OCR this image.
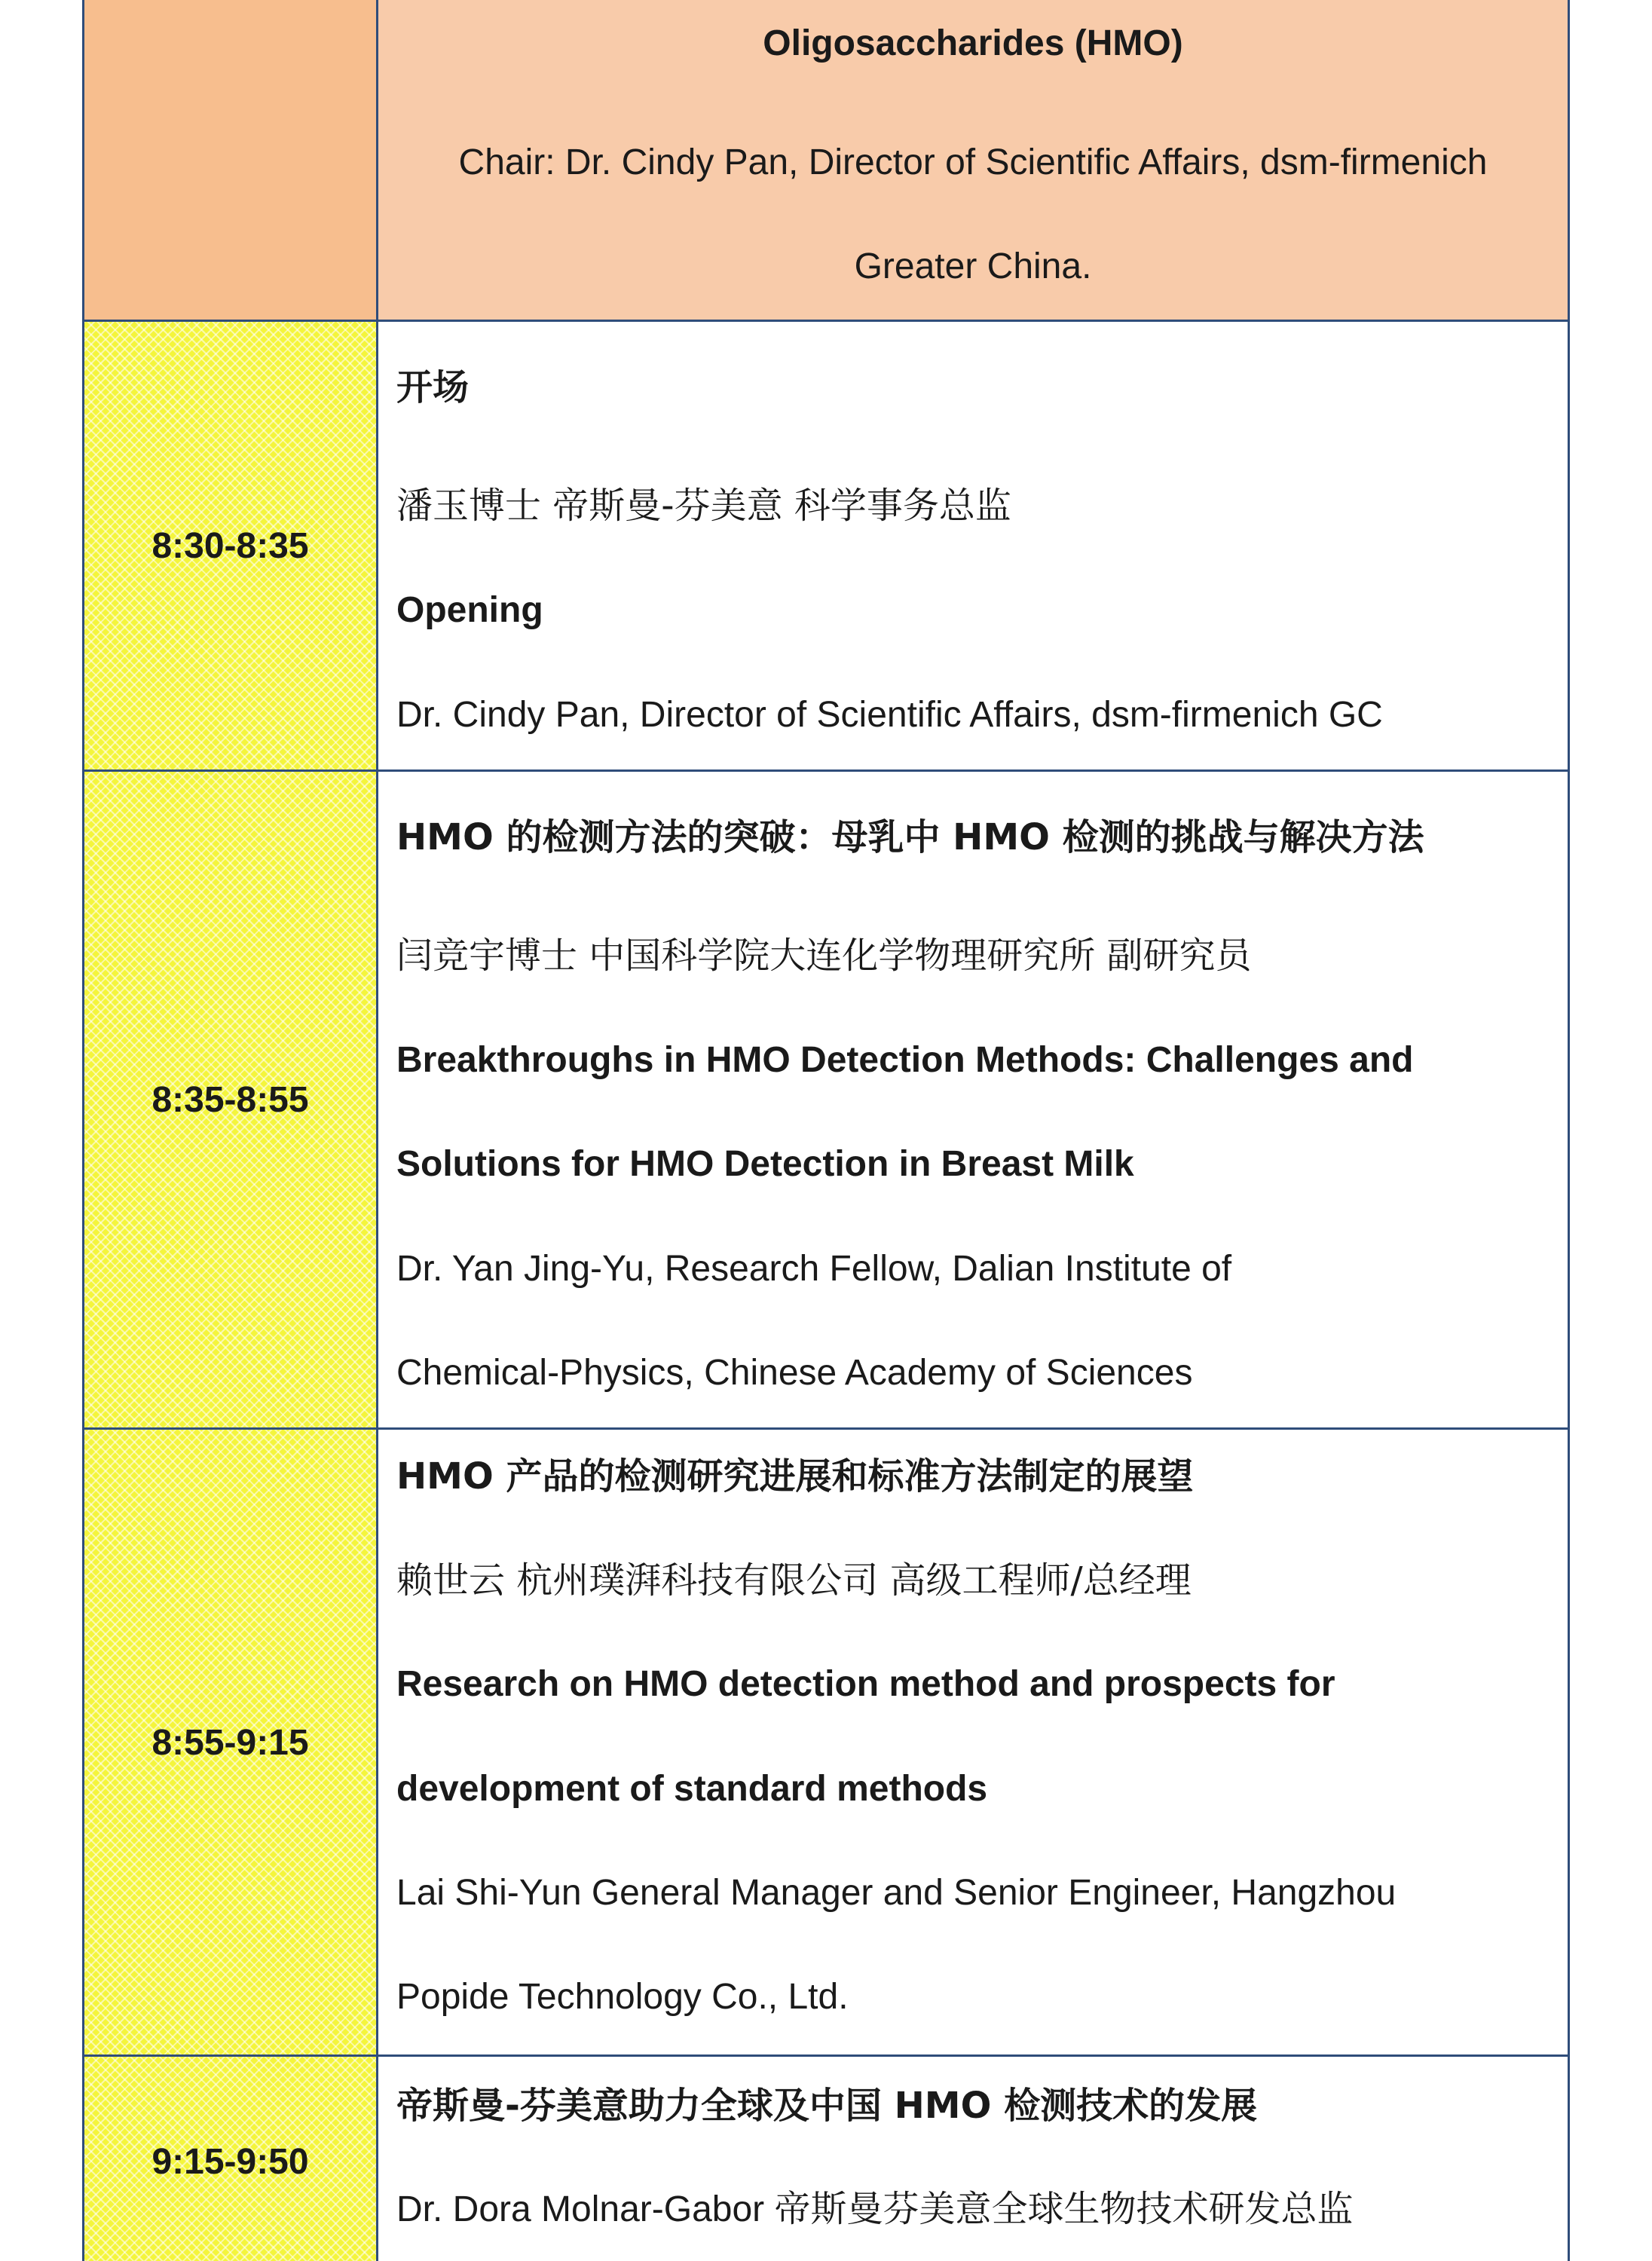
Oligosaccharides (HMO)
Chair: Dr. Cindy Pan, Director of Scientific Affairs, dsm-firmenich
Greater China.
8:30-8:35
开场
潘玉博士 帝斯曼-芬美意 科学事务总监
Opening
Dr. Cindy Pan, Director of Scientific Affairs, dsm-firmenich GC
8:35-8:55
HMO 的检测方法的突破：母乳中 HMO 检测的挑战与解决方法
闫竞宇博士 中国科学院大连化学物理研究所 副研究员
Breakthroughs in HMO Detection Methods: Challenges and
Solutions for HMO Detection in Breast Milk
Dr. Yan Jing-Yu, Research Fellow, Dalian Institute of
Chemical-Physics, Chinese Academy of Sciences
8:55-9:15
HMO 产品的检测研究进展和标准方法制定的展望
赖世云 杭州璞湃科技有限公司 高级工程师/总经理
Research on HMO detection method and prospects for
development of standard methods
Lai Shi-Yun General Manager and Senior Engineer, Hangzhou
Popide Technology Co., Ltd.
9:15-9:50
帝斯曼-芬美意助力全球及中国 HMO 检测技术的发展
Dr. Dora Molnar-Gabor 帝斯曼芬美意全球生物技术研发总监
